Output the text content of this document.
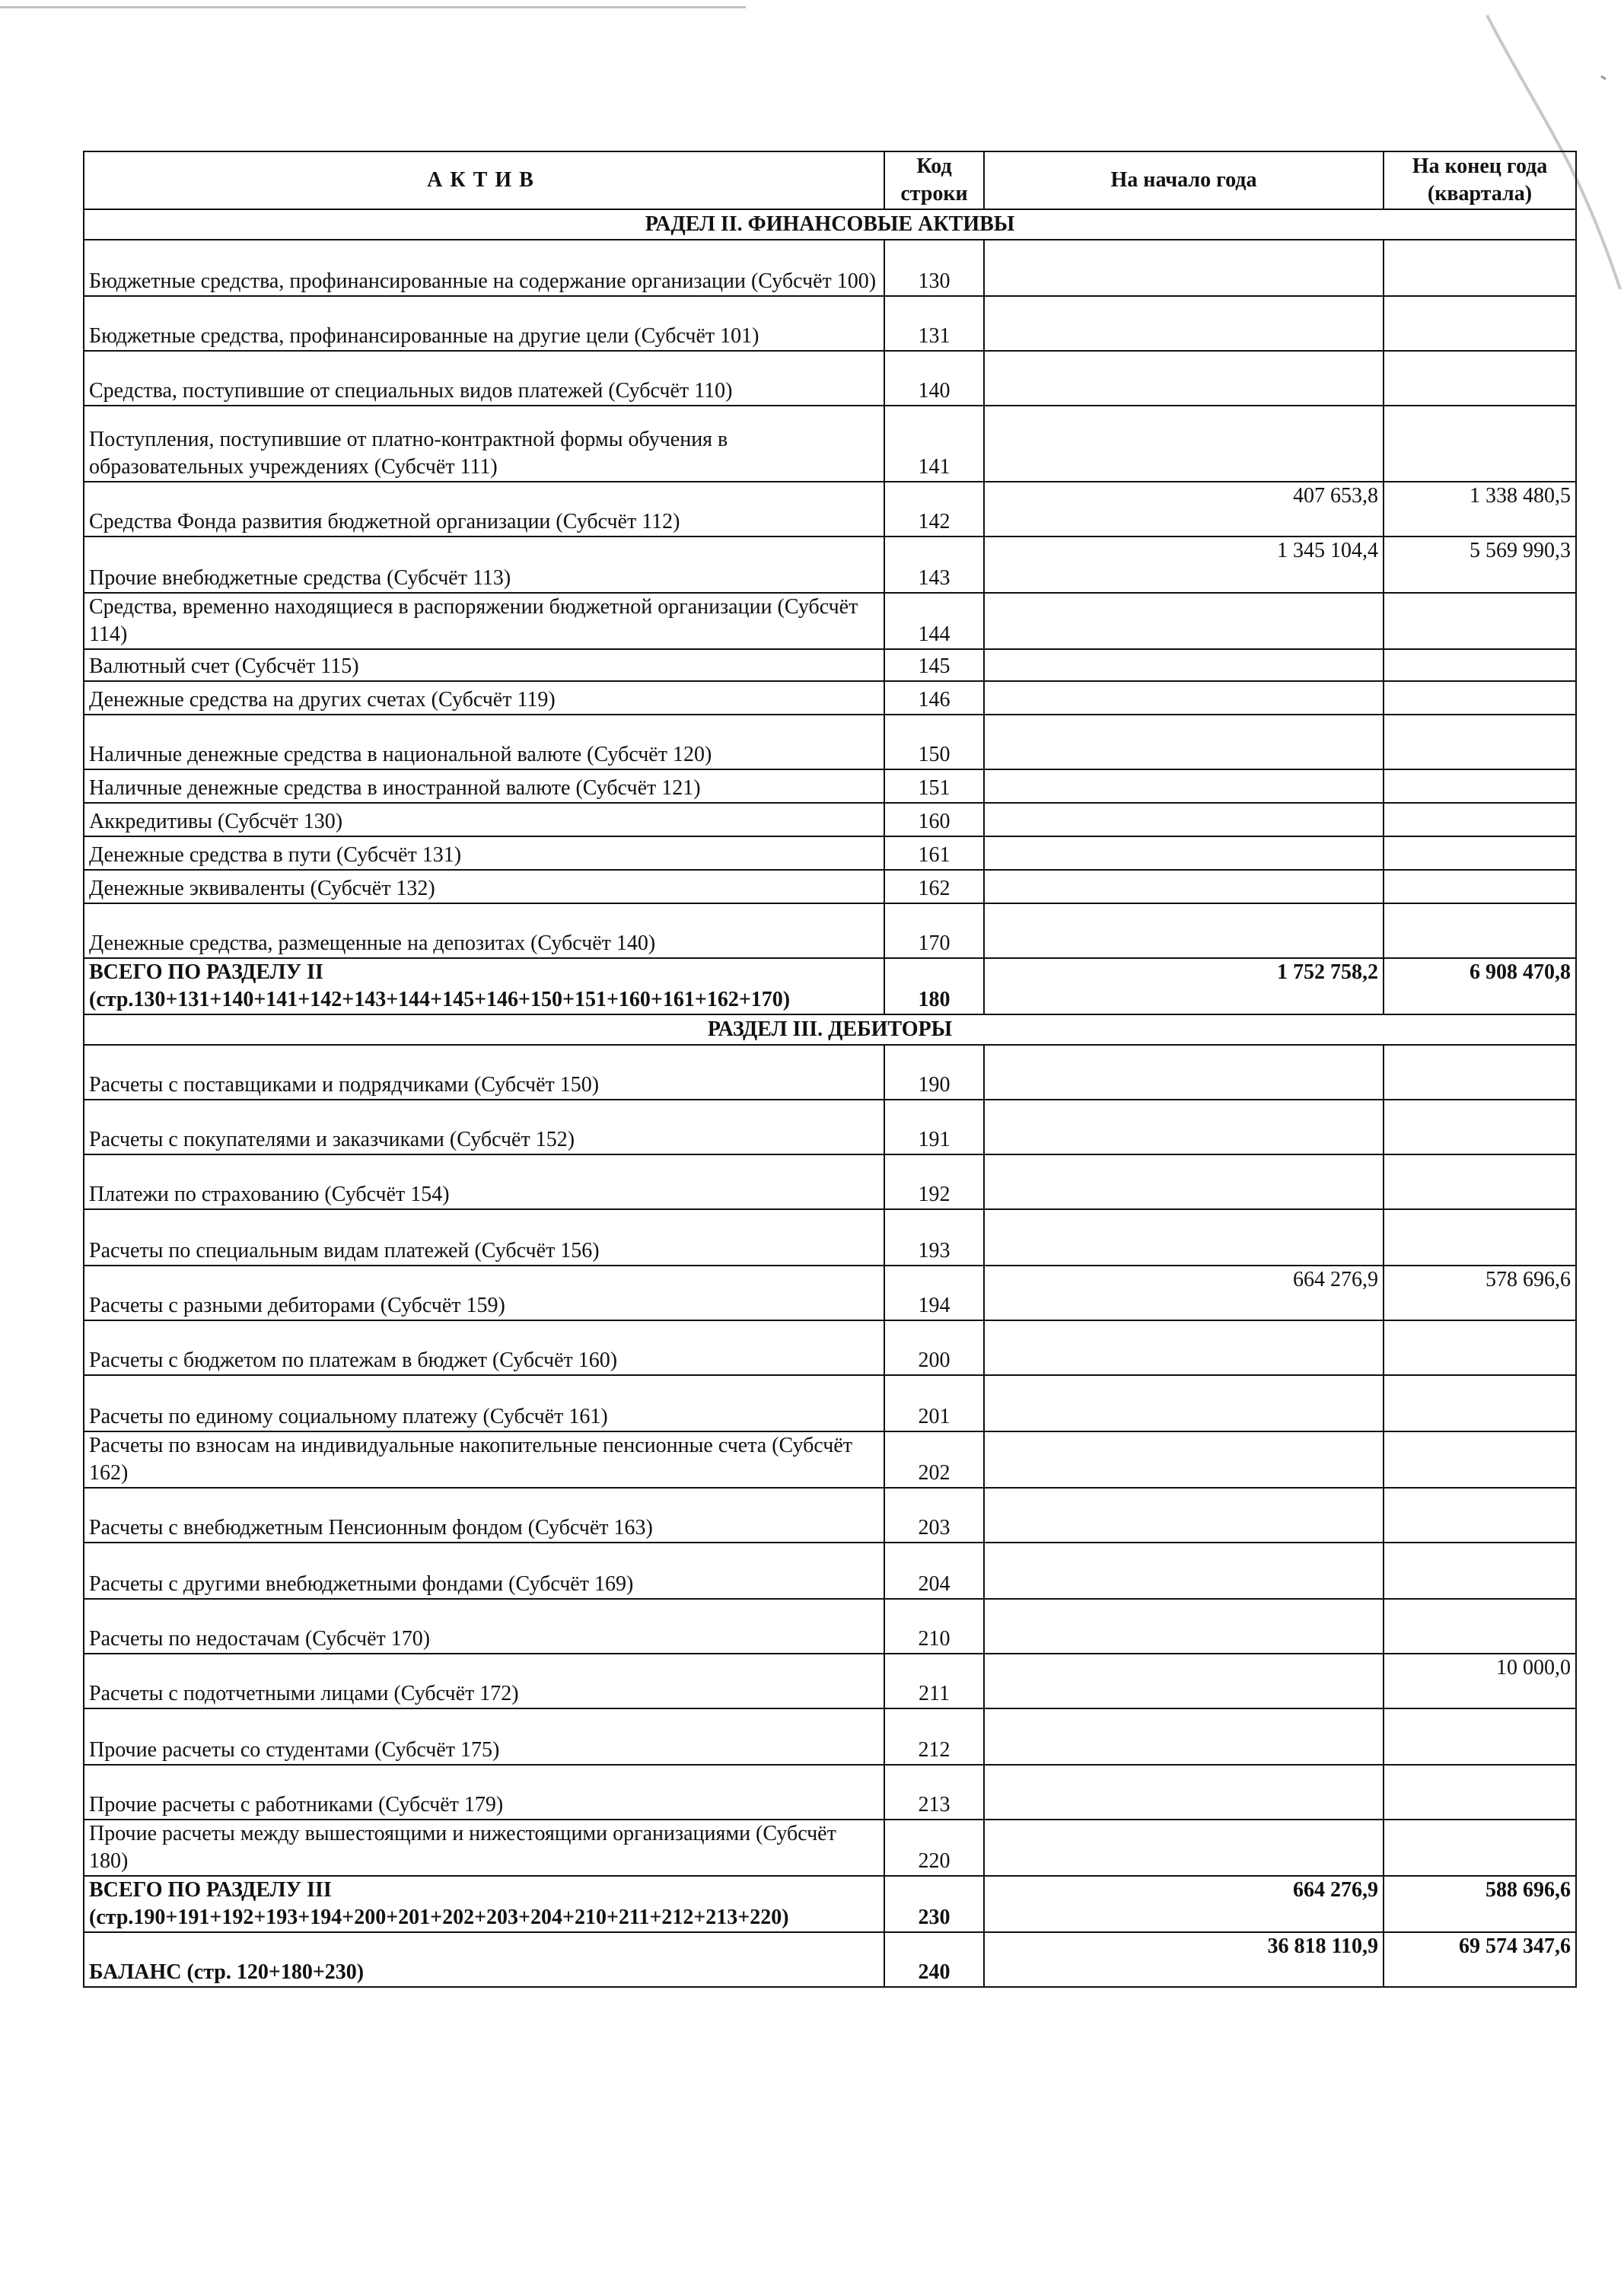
АКТИВ	Код строки	На начало года	На конец года (квартала)
РАДЕЛ II. ФИНАНСОВЫЕ АКТИВЫ			
Бюджетные средства, профинансированные на содержание организации (Субсчёт 100)	130		
Бюджетные средства, профинансированные на другие цели (Субсчёт 101)	131		
Средства, поступившие от специальных видов платежей (Субсчёт 110)	140		
Поступления, поступившие от платно-контрактной формы обучения в образовательных учреждениях (Субсчёт 111)	141		
Средства Фонда развития бюджетной организации (Субсчёт 112)	142	407 653,8	1 338 480,5
Прочие внебюджетные средства (Субсчёт 113)	143	1 345 104,4	5 569 990,3
Средства, временно находящиеся в распоряжении бюджетной организации (Субсчёт 114)	144		
Валютный счет (Субсчёт 115)	145		
Денежные средства на других счетах (Субсчёт 119)	146		
Наличные денежные средства в национальной валюте (Субсчёт 120)	150		
Наличные денежные средства в иностранной валюте (Субсчёт 121)	151		
Аккредитивы (Субсчёт 130)	160		
Денежные средства в пути (Субсчёт 131)	161		
Денежные эквиваленты (Субсчёт 132)	162		
Денежные средства, размещенные на депозитах (Субсчёт 140)	170		
ВСЕГО ПО РАЗДЕЛУ II (стр.130+131+140+141+142+143+144+145+146+150+151+160+161+162+170)	180	1 752 758,2	6 908 470,8
РАЗДЕЛ III. ДЕБИТОРЫ			
Расчеты с поставщиками и подрядчиками (Субсчёт 150)	190		
Расчеты с покупателями и заказчиками (Субсчёт 152)	191		
Платежи по страхованию (Субсчёт 154)	192		
Расчеты по специальным видам платежей (Субсчёт 156)	193		
Расчеты с разными дебиторами (Субсчёт 159)	194	664 276,9	578 696,6
Расчеты с бюджетом по платежам в бюджет (Субсчёт 160)	200		
Расчеты по единому социальному платежу (Субсчёт 161)	201		
Расчеты по взносам на индивидуальные накопительные пенсионные счета (Субсчёт 162)	202		
Расчеты с внебюджетным Пенсионным фондом (Субсчёт 163)	203		
Расчеты с другими внебюджетными фондами (Субсчёт 169)	204		
Расчеты по недостачам (Субсчёт 170)	210		
Расчеты с подотчетными лицами (Субсчёт 172)	211		10 000,0
Прочие расчеты со студентами (Субсчёт 175)	212		
Прочие расчеты с работниками (Субсчёт 179)	213		
Прочие расчеты между вышестоящими и нижестоящими организациями (Субсчёт 180)	220		
ВСЕГО ПО РАЗДЕЛУ III (стр.190+191+192+193+194+200+201+202+203+204+210+211+212+213+220)	230	664 276,9	588 696,6
БАЛАНС (стр. 120+180+230)	240	36 818 110,9	69 574 347,6
